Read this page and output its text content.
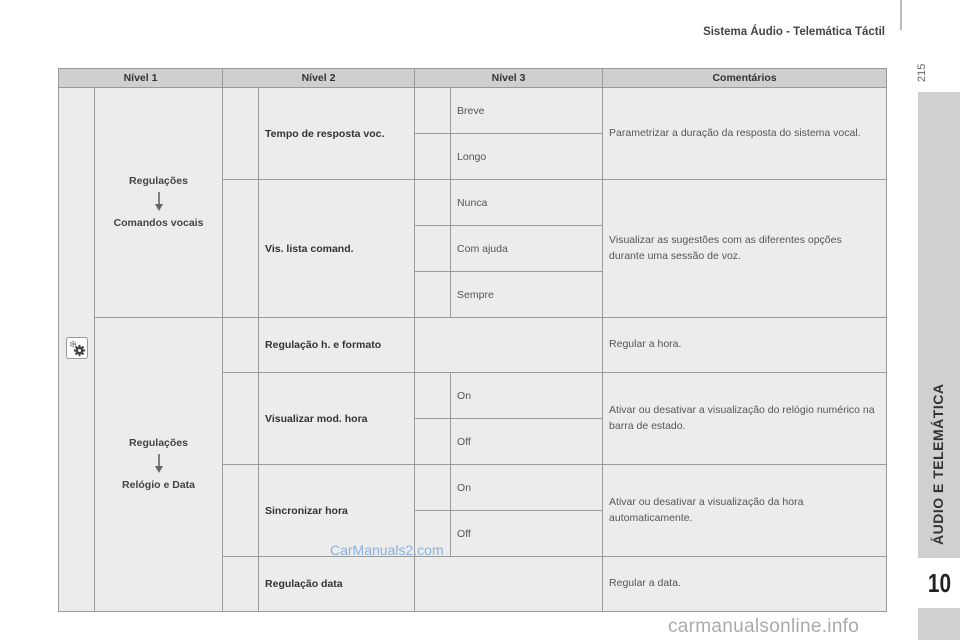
Sistema Áudio - Telemática Táctil
215
ÁUDIO E TELEMÁTICA
10
Nível 1		Nível 2		Nível 3		Comentários
	Regulações
Comandos vocais		Tempo de resposta voc.		Breve	Parametrizar a duração da resposta do sistema vocal.
					Longo	
			Vis. lista comand.		Nunca	Visualizar as sugestões com as diferentes opções durante uma sessão de voz.
					Com ajuda	
					Sempre	
	Regulações
Relógio e Data		Regulação h. e formato			Regular a hora.
			Visualizar mod. hora		On	Ativar ou desativar a visualização do relógio numérico na barra de estado.
					Off	
			Sincronizar hora		On	Ativar ou desativar a visualização da hora automaticamente.
					Off	
			Regulação data			Regular a data.
CarManuals2.com
carmanualsonline.info
